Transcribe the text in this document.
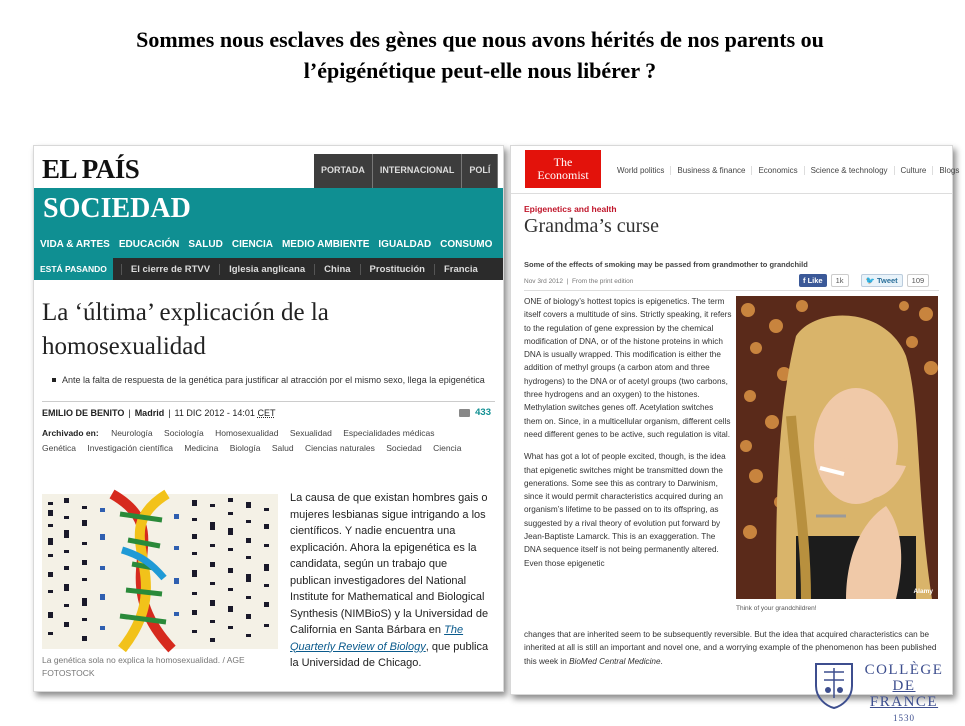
Sommes nous esclaves des gènes que nous avons hérités de nos parents ou
l’épigénétique peut-elle nous libérer ?
EL PAÍS	PORTADA	INTERNACIONAL	POLÍ
SOCIEDAD
VIDA & ARTES EDUCACIÓN SALUD CIENCIA MEDIO AMBIENTE IGUALDAD CONSUMO
ESTÁ PASANDO	El cierre de RTVV	Iglesia anglicana	China	Prostitución	Francia
La ‘última’ explicación de la homosexualidad
Ante la falta de respuesta de la genética para justificar al atracción por el mismo sexo, llega la epigenética
EMILIO DE BENITO | Madrid | 11 DIC 2012 - 14:01
CET	433
Archivado en: Neurología Sociología Homosexualidad Sexualidad Especialidades médicas
Genética Investigación científica Medicina Biología Salud Ciencias naturales Sociedad Ciencia
La genética sola no explica la homosexualidad. / AGE FOTOSTOCK
La causa de que existan hombres gais o mujeres lesbianas sigue intrigando a los científicos. Y nadie encuentra una explicación. Ahora la epigenética es la candidata, según un trabajo que publican investigadores del National Institute for Mathematical and Biological Synthesis (NIMBioS) y la Universidad de California en Santa Bárbara en The Quarterly Review of Biology, que publica la Universidad de Chicago.
The
Economist	World politics	Business & finance	Economics	Science & technology	Culture	Blogs
Epigenetics and health
Grandma’s curse
Some of the effects of smoking may be passed from grandmother to grandchild
Nov 3rd 2012  |  From the print edition	f Like	1k	🐦 Tweet	109

ONE of biology’s hottest topics is epigenetics. The term itself covers a multitude of sins. Strictly speaking, it refers to the regulation of gene expression by the chemical modification of DNA, or of the histone proteins in which DNA is usually wrapped. This modification is either the addition of methyl groups (a carbon atom and three hydrogens) to the DNA or of acetyl groups (two carbons, three hydrogens and an oxygen) to the histones. Methylation switches genes off. Acetylation switches them on. Since, in a multicellular organism, different cells need different genes to be active, such regulation is vital.

What has got a lot of people excited, though, is the idea that epigenetic switches might be transmitted down the generations. Some see this as contrary to Darwinism, since it would permit characteristics acquired during an organism’s lifetime to be passed on to its offspring, as suggested by a rival theory of evolution put forward by Jean-Baptiste Lamarck. This is an exaggeration. The DNA sequence itself is not being permanently altered. Even those epigenetic

changes that are inherited seem to be subsequently reversible. But the idea that acquired characteristics can be inherited at all is still an important and novel one, and a worrying example of the phenomenon has been published this week in BioMed Central Medicine.
Alamy
Think of your grandchildren!
COLLÈGE
DE FRANCE
1530
